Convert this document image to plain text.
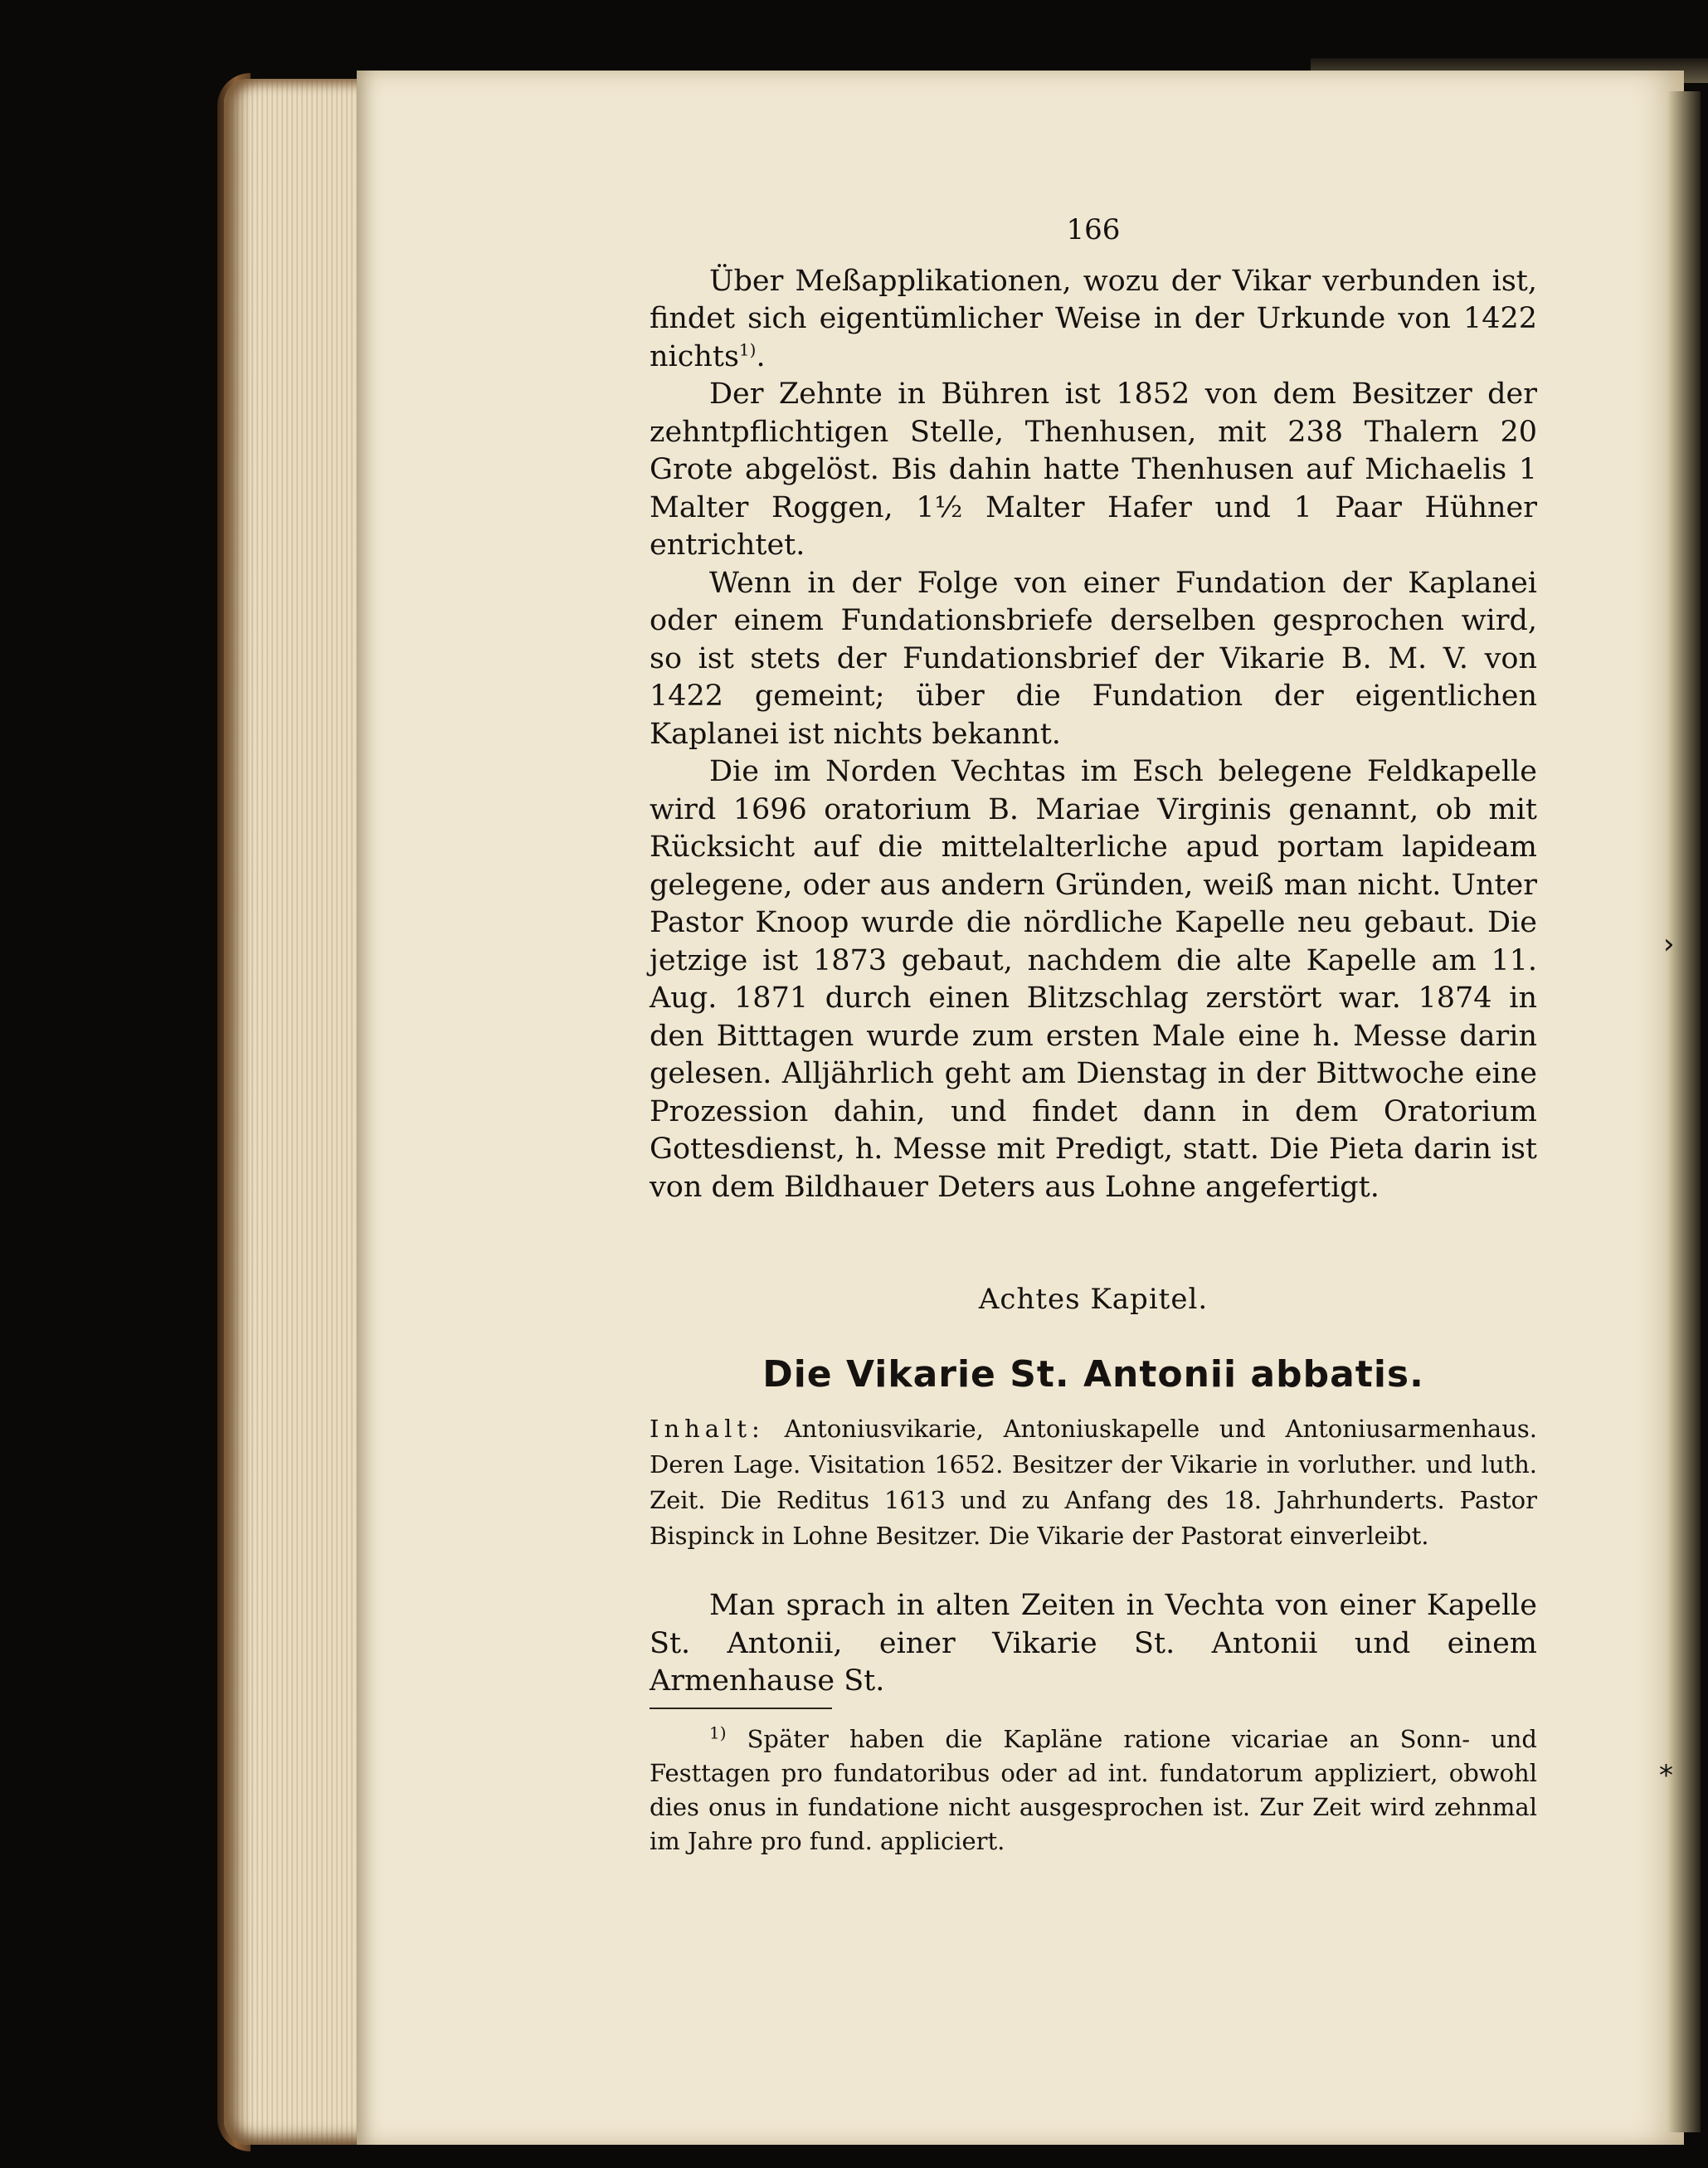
166

Über Meßapplikationen, wozu der Vikar verbunden ist, findet sich eigentümlicher Weise in der Urkunde von 1422 nichts$^{1)}$.

Der Zehnte in Bühren ist 1852 von dem Besitzer der zehntpflichtigen Stelle, Thenhusen, mit 238 Thalern 20 Grote abgelöst. Bis dahin hatte Thenhusen auf Michaelis 1 Malter Roggen, 1½ Malter Hafer und 1 Paar Hühner entrichtet.

Wenn in der Folge von einer Fundation der Kaplanei oder einem Fundationsbriefe derselben gesprochen wird, so ist stets der Fundationsbrief der Vikarie B. M. V. von 1422 gemeint; über die Fundation der eigentlichen Kaplanei ist nichts bekannt.

Die im Norden Vechtas im Esch belegene Feldkapelle wird 1696 oratorium B. Mariae Virginis genannt, ob mit Rücksicht auf die mittelalterliche apud portam lapideam gelegene, oder aus andern Gründen, weiß man nicht. Unter Pastor Knoop wurde die nördliche Kapelle neu gebaut. Die jetzige ist 1873 gebaut, nachdem die alte Kapelle am 11. Aug. 1871 durch einen Blitzschlag zerstört war. 1874 in den Bitttagen wurde zum ersten Male eine h. Messe darin gelesen. Alljährlich geht am Dienstag in der Bittwoche eine Prozession dahin, und findet dann in dem Oratorium Gottesdienst, h. Messe mit Predigt, statt. Die Pieta darin ist von dem Bildhauer Deters aus Lohne angefertigt.

Achtes Kapitel.
Die Vikarie St. Antonii abbatis.
Inhalt: Antoniusvikarie, Antoniuskapelle und Antoniusarmenhaus. Deren Lage. Visitation 1652. Besitzer der Vikarie in vorluther. und luth. Zeit. Die Reditus 1613 und zu Anfang des 18. Jahrhunderts. Pastor Bispinck in Lohne Besitzer. Die Vikarie der Pastorat einverleibt.

Man sprach in alten Zeiten in Vechta von einer Kapelle St. Antonii, einer Vikarie St. Antonii und einem Armenhause St.

$^{1)}$ Später haben die Kapläne ratione vicariae an Sonn- und Festtagen pro fundatoribus oder ad int. fundatorum appliziert, obwohl dies onus in fundatione nicht ausgesprochen ist. Zur Zeit wird zehnmal im Jahre pro fund. appliciert.
›
*
